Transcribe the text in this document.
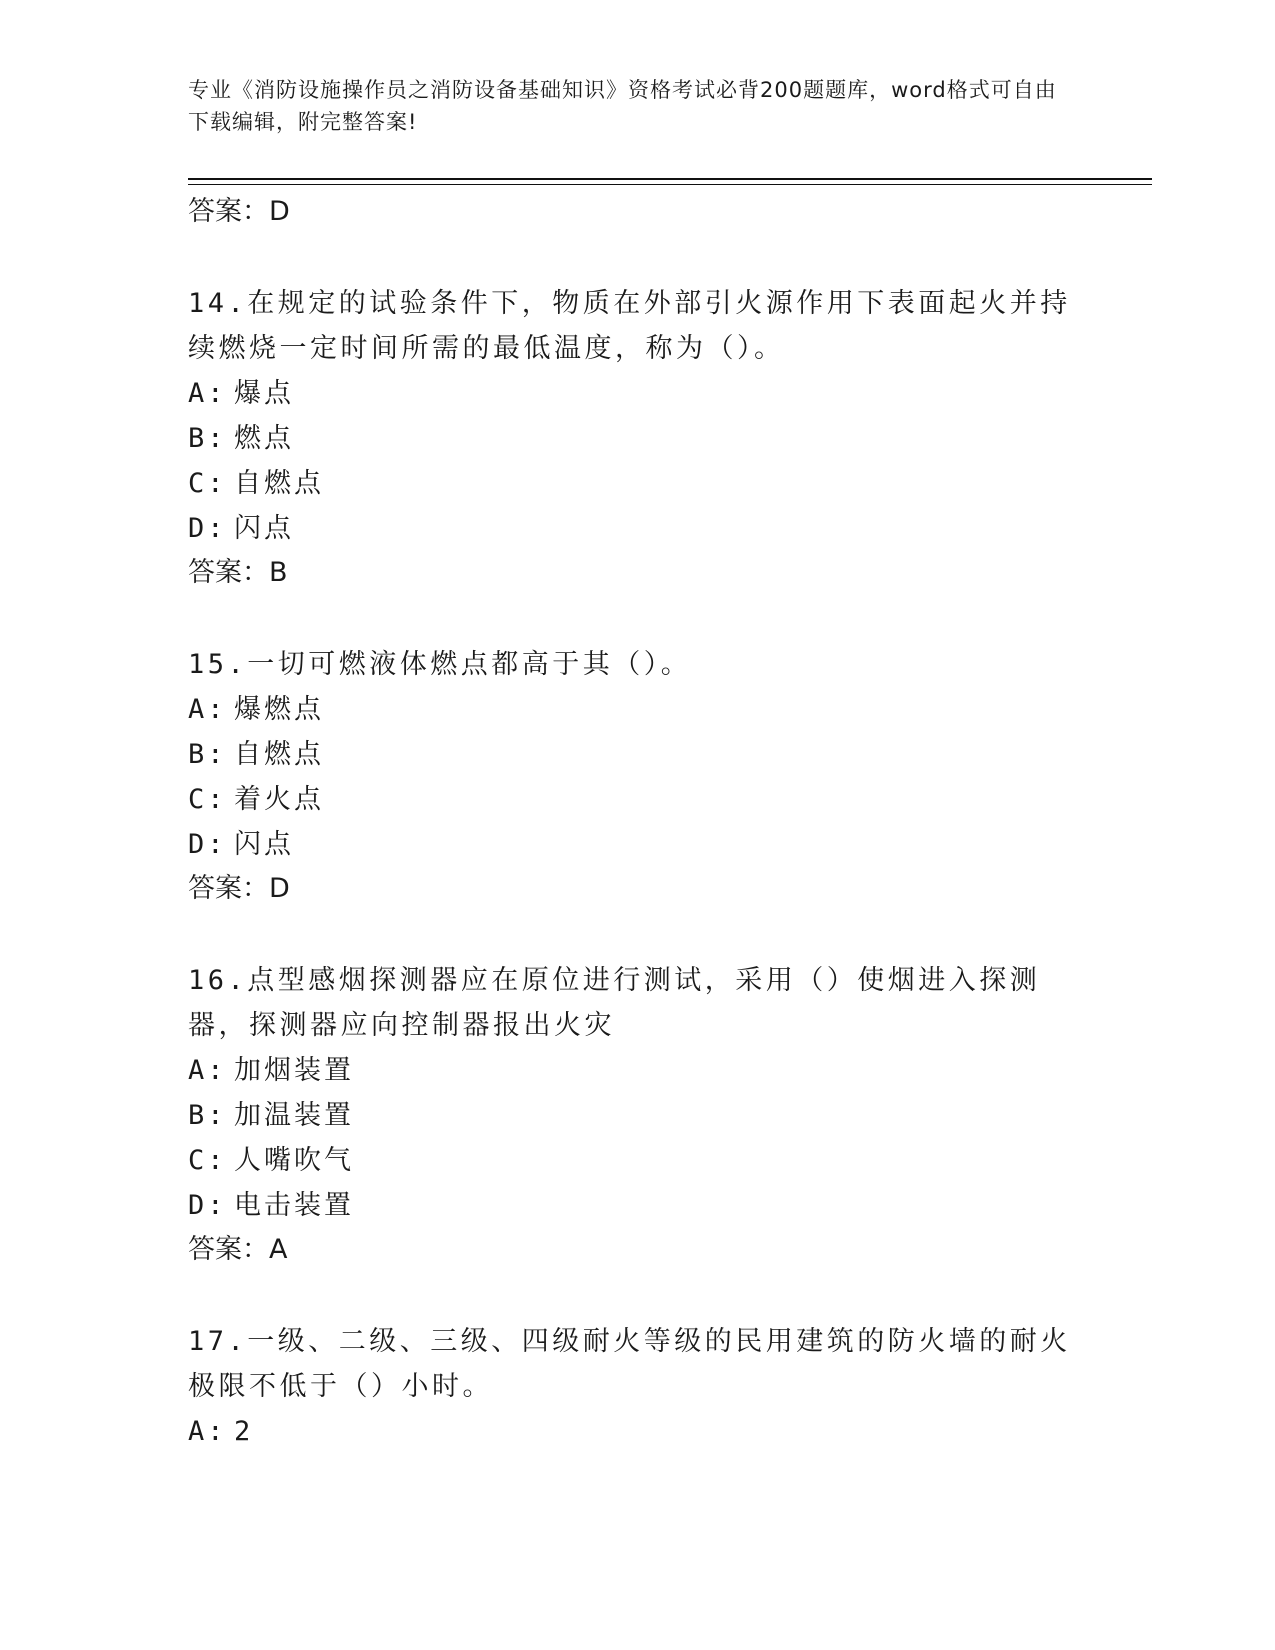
专业《消防设施操作员之消防设备基础知识》资格考试必背200题题库，word格式可自由下载编辑，附完整答案!
答案：D
14.在规定的试验条件下，物质在外部引火源作用下表面起火并持续燃烧一定时间所需的最低温度，称为（）。
A: 爆点
B: 燃点
C: 自燃点
D: 闪点
答案：B
15.一切可燃液体燃点都高于其（）。
A: 爆燃点
B: 自燃点
C: 着火点
D: 闪点
答案：D
16.点型感烟探测器应在原位进行测试，采用（）使烟进入探测器，探测器应向控制器报出火灾
A: 加烟装置
B: 加温装置
C: 人嘴吹气
D: 电击装置
答案：A
17.一级、二级、三级、四级耐火等级的民用建筑的防火墙的耐火极限不低于（）小时。
A: 2
